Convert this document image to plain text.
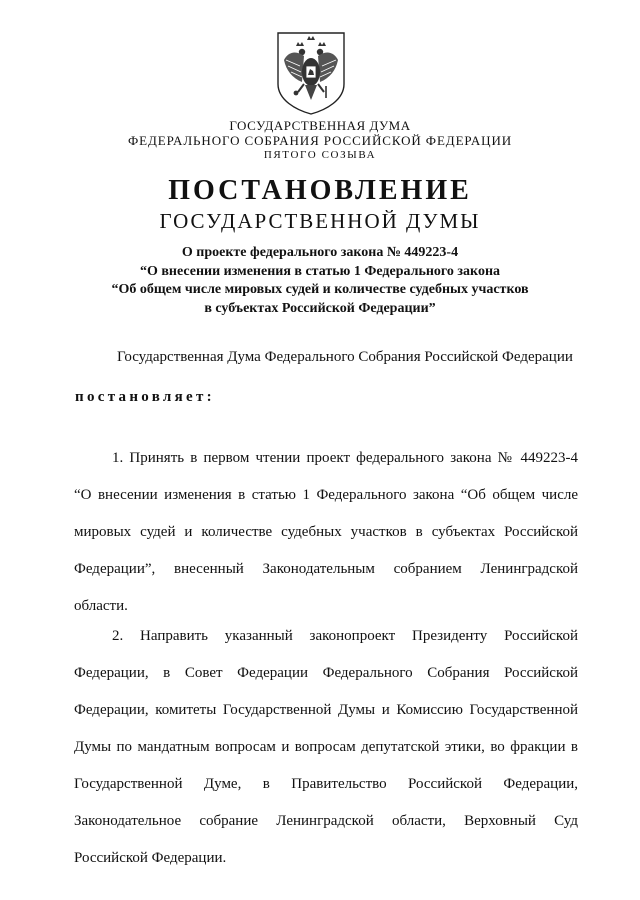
ГОСУДАРСТВЕННАЯ ДУМА
ФЕДЕРАЛЬНОГО СОБРАНИЯ РОССИЙСКОЙ ФЕДЕРАЦИИ
ПЯТОГО СОЗЫВА
ПОСТАНОВЛЕНИЕ
ГОСУДАРСТВЕННОЙ ДУМЫ
О проекте федерального закона № 449223-4
“О внесении изменения в статью 1 Федерального закона
“Об общем числе мировых судей и количестве судебных участков
в субъектах Российской Федерации”
Государственная Дума Федерального Собрания Российской Федерации
постановляет:
1. Принять в первом чтении проект федерального закона № 449223-4
“О внесении изменения в статью 1 Федерального закона “Об общем числе
мировых судей и количестве судебных участков в субъектах Российской
Федерации”, внесенный Законодательным собранием Ленинградской
области.
2. Направить указанный законопроект Президенту Российской
Федерации, в Совет Федерации Федерального Собрания Российской
Федерации, комитеты Государственной Думы и Комиссию Государственной
Думы по мандатным вопросам и вопросам депутатской этики, во фракции в
Государственной Думе, в Правительство Российской Федерации,
Законодательное собрание Ленинградской области, Верховный Суд
Российской Федерации.
